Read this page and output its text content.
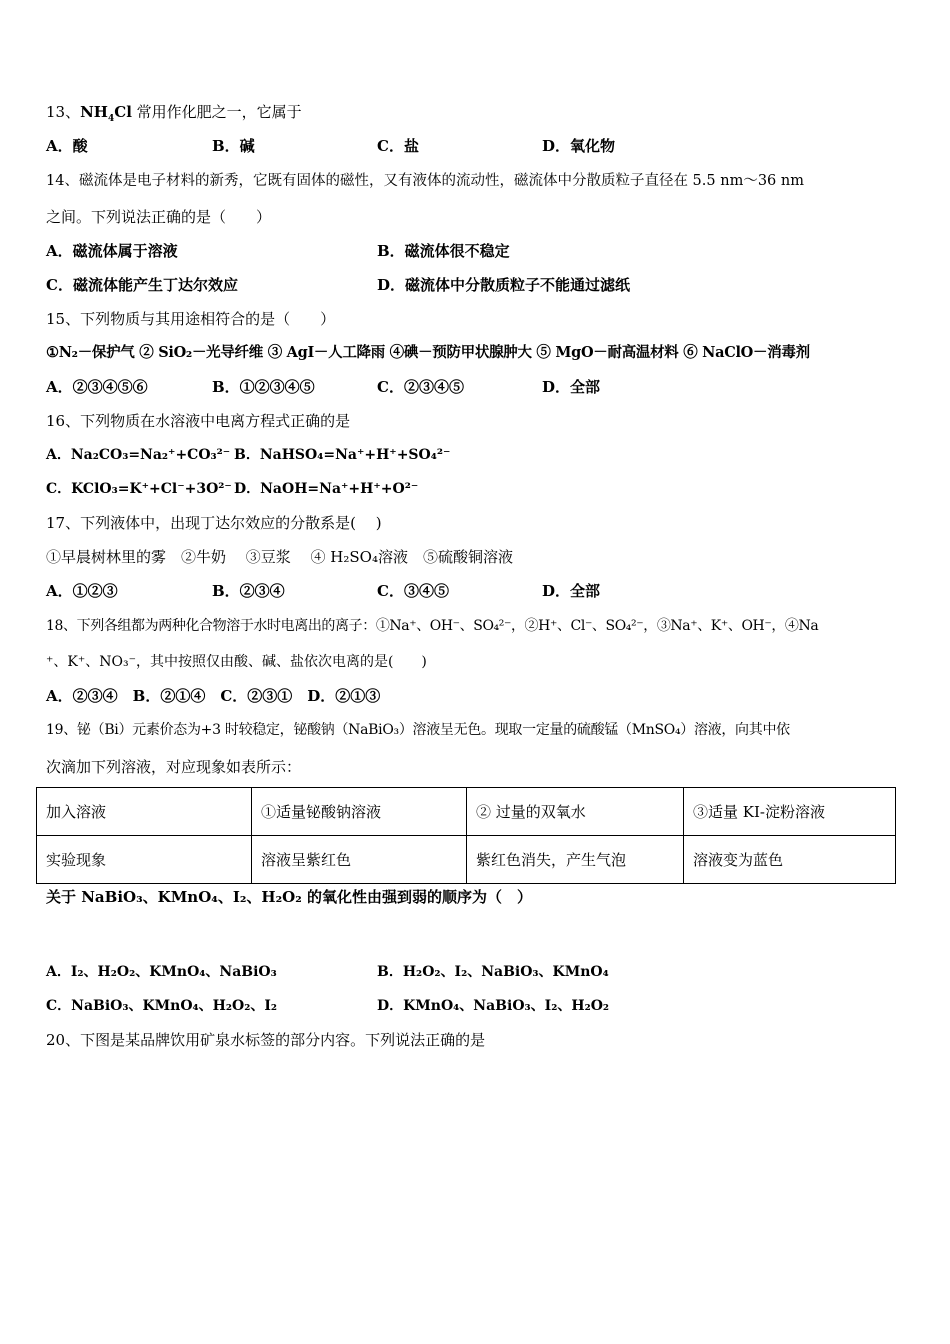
13、$NH_4Cl$ 常用作化肥之一，它属于
A．酸	B．碱	C．盐	D．氧化物
14、磁流体是电子材料的新秀，它既有固体的磁性，又有液体的流动性，磁流体中分散质粒子直径在 5.5 nm～36 nm
之间。下列说法正确的是（　　）
A．磁流体属于溶液	B．磁流体很不稳定
C．磁流体能产生丁达尔效应	D．磁流体中分散质粒子不能通过滤纸
15、下列物质与其用途相符合的是（　　）
①N₂－保护气 ② SiO₂－光导纤维 ③ AgI－人工降雨 ④碘－预防甲状腺肿大 ⑤ MgO－耐高温材料 ⑥ NaClO－消毒剂
A．②③④⑤⑥	B．①②③④⑤	C．②③④⑤	D．全部
16、下列物质在水溶液中电离方程式正确的是
A．Na₂CO₃=Na₂⁺+CO₃²⁻ B．NaHSO₄=Na⁺+H⁺+SO₄²⁻
C．KClO₃=K⁺+Cl⁻+3O²⁻ D．NaOH=Na⁺+H⁺+O²⁻
17、下列液体中，出现丁达尔效应的分散系是(　 )
①早晨树林里的雾　②牛奶　 ③豆浆　 ④ H₂SO₄溶液　⑤硫酸铜溶液
A．①②③	B．②③④	C．③④⑤	D．全部
18、下列各组都为两种化合物溶于水时电离出的离子：①Na⁺、OH⁻、SO₄²⁻，②H⁺、Cl⁻、SO₄²⁻，③Na⁺、K⁺、OH⁻，④Na
⁺、K⁺、NO₃⁻，其中按照仅由酸、碱、盐依次电离的是(　　)
A．②③④　B．②①④　C．②③①　D．②①③
19、铋（Bi）元素价态为+3 时较稳定，铋酸钠（NaBiO₃）溶液呈无色。现取一定量的硫酸锰（MnSO₄）溶液，向其中依
次滴加下列溶液，对应现象如表所示：
加入溶液	①适量铋酸钠溶液	② 过量的双氧水	③适量 KI-淀粉溶液
实验现象	溶液呈紫红色	紫红色消失，产生气泡	溶液变为蓝色
关于 NaBiO₃、KMnO₄、I₂、H₂O₂ 的氧化性由强到弱的顺序为（　）
A．I₂、H₂O₂、KMnO₄、NaBiO₃	B．H₂O₂、I₂、NaBiO₃、KMnO₄
C．NaBiO₃、KMnO₄、H₂O₂、I₂	D．KMnO₄、NaBiO₃、I₂、H₂O₂
20、下图是某品牌饮用矿泉水标签的部分内容。下列说法正确的是
